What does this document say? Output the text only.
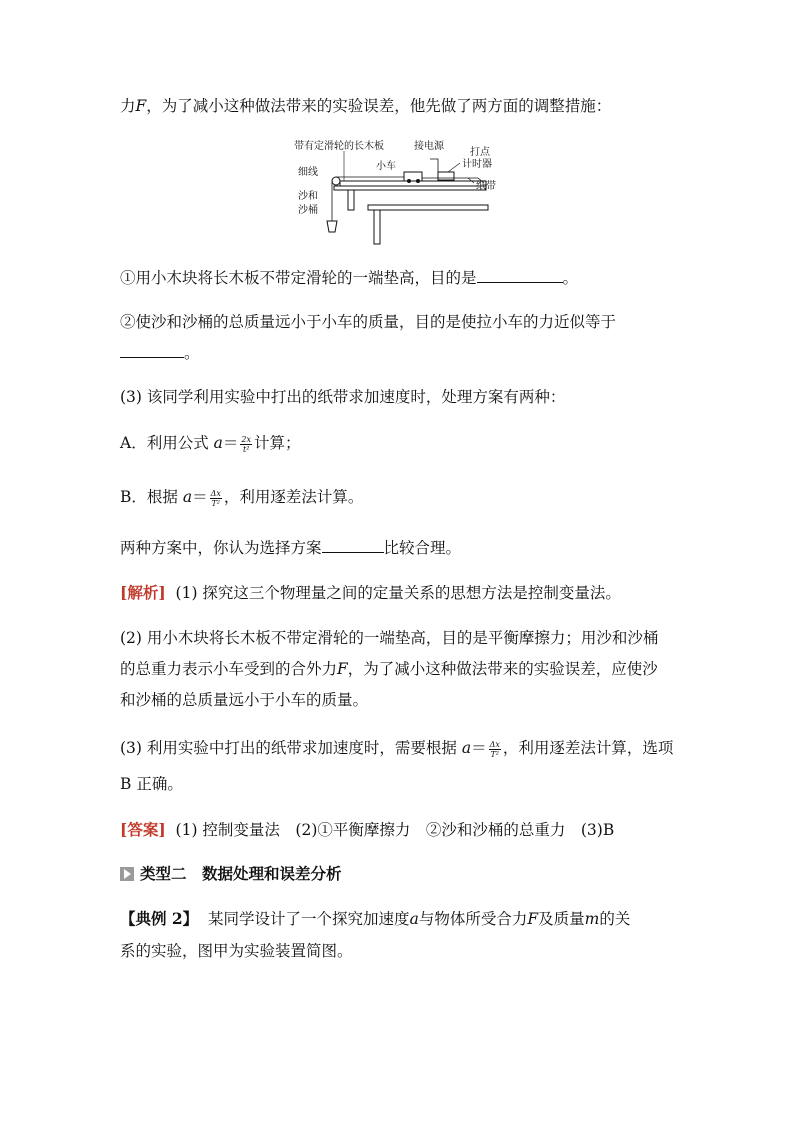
力F，为了减小这种做法带来的实验误差，他先做了两方面的调整措施：
带有定滑轮的长木板	接电源
打点
计时器
小车
细线
沙和
沙桶
纸带
①用小木块将长木板不带定滑轮的一端垫高，目的是	。
②使沙和沙桶的总质量远小于小车的质量，目的是使拉小车的力近似等于
。
(3) 该同学利用实验中打出的纸带求加速度时，处理方案有两种：
A．利用公式 $a= \frac{2x}{\text{t²}}$ 计算；
B．根据 $a= \frac{\Delta x}{\text{T²}}$ ，利用逐差法计算。
两种方案中，你认为选择方案	比较合理。
[解析] (1) 探究这三个物理量之间的定量关系的思想方法是控制变量法。
(2) 用小木块将长木板不带定滑轮的一端垫高，目的是平衡摩擦力；用沙和沙桶
的总重力表示小车受到的合外力F，为了减小这种做法带来的实验误差，应使沙
和沙桶的总质量远小于小车的质量。
(3) 利用实验中打出的纸带求加速度时，需要根据 $a= \frac{\Delta x}{\text{T²}}$ ，利用逐差法计算，选项
B 正确。
[答案] (1) 控制变量法　(2)①平衡摩擦力　②沙和沙桶的总重力　(3)B
类型二　数据处理和误差分析
【典例 2】 某同学设计了一个探究加速度a与物体所受合力F及质量m的关
系的实验，图甲为实验装置简图。
